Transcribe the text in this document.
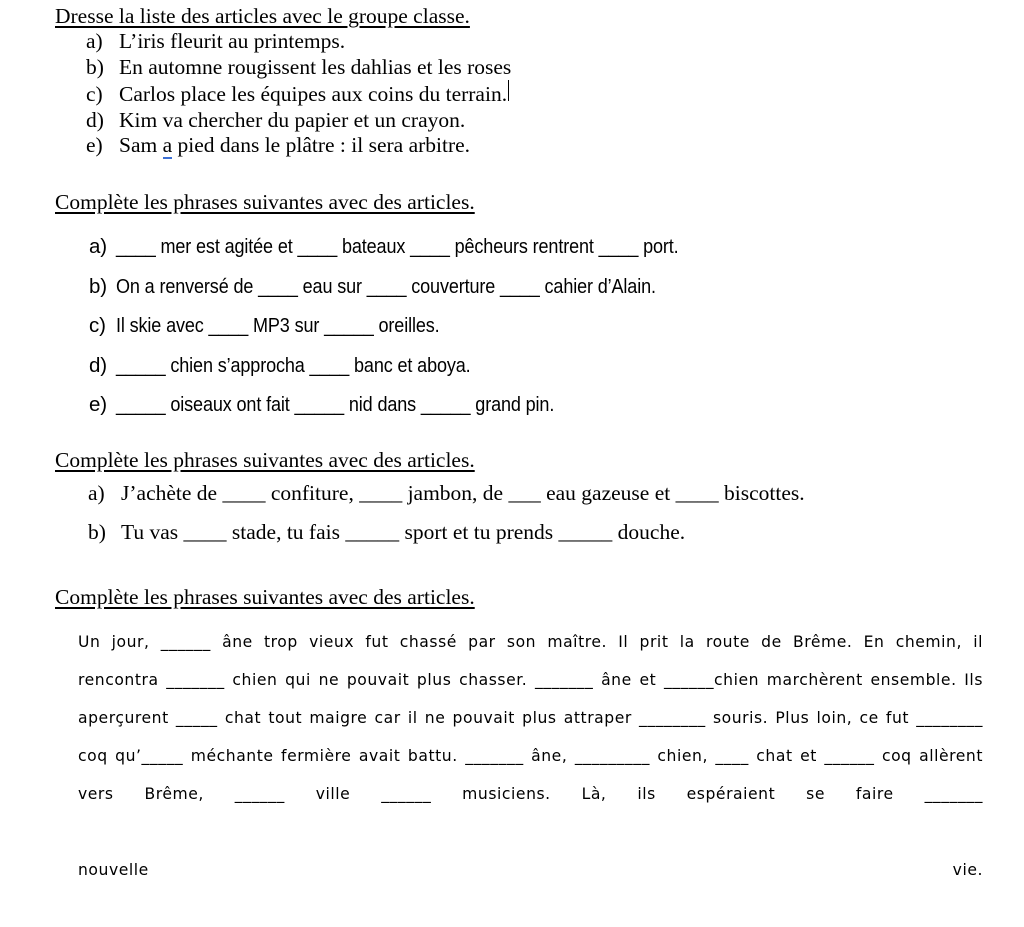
Dresse la liste des articles avec le groupe classe.
a) L’iris fleurit au printemps.
b) En automne rougissent les dahlias et les roses
c) Carlos place les équipes aux coins du terrain.
d) Kim va chercher du papier et un crayon.
e) Sam a pied dans le plâtre : il sera arbitre.
Complète les phrases suivantes avec des articles.
a) ____ mer est agitée et ____ bateaux ____ pêcheurs rentrent ____ port.
b) On a renversé de ____ eau sur ____ couverture ____ cahier d’Alain.
c) Il skie avec ____ MP3 sur _____ oreilles.
d) _____ chien s’approcha ____ banc et aboya.
e) _____ oiseaux ont fait _____ nid dans _____ grand pin.
Complète les phrases suivantes avec des articles.
a) J’achète de ____ confiture, ____ jambon, de ___ eau gazeuse et ____ biscottes.
b) Tu vas ____ stade, tu fais _____ sport et tu prends _____ douche.
Complète les phrases suivantes avec des articles.
Un jour, ______ âne trop vieux fut chassé par son maître. Il prit la route de Brême. En chemin, il rencontra _______ chien qui ne pouvait plus chasser. _______ âne et ______chien marchèrent ensemble. Ils aperçurent _____ chat tout maigre car il ne pouvait plus attraper ________ souris. Plus loin, ce fut ________ coq qu’_____ méchante fermière avait battu. _______ âne, _________ chien, ____ chat et ______ coq allèrent vers Brême, ______ ville ______ musiciens. Là, ils espéraient se faire _______
nouvelle vie.
